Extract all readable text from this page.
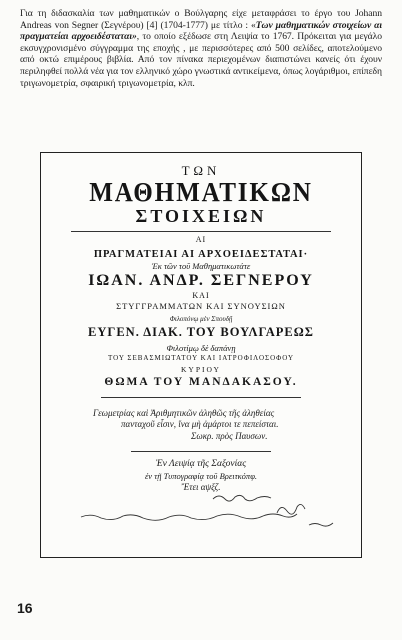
Για τη διδασκαλία των μαθηματικών ο Βούλγαρης είχε μεταφράσει το έργο του Johann Andreas von Segner (Σεγνέρου) [4] (1704-1777) με τίτλο : «Των μαθηματικών στοιχείων αι πραγματείαι αρχοειδέσταται», το οποίο εξέδωσε στη Λειψία το 1767. Πρόκειται για μεγάλο εκσυγχρονισμένο σύγγραμμα της εποχής , με περισσότερες από 500 σελίδες, αποτελούμενο από οκτώ επιμέρους βιβλία. Από τον πίνακα περιεχομένων διαπιστώνει κανείς ότι έχουν περιληφθεί πολλά νέα για τον ελληνικό χώρο γνωστικά αντικείμενα, όπως λογάριθμοι, επίπεδη τριγωνομετρία, σφαιρική τριγωνομετρία, κλπ.
ΤΩΝ
ΜΑΘΗΜΑΤΙΚΩΝ
ΣΤΟΙΧΕΙΩΝ
ΑΙ
ΠΡΑΓΜΑΤΕΙΑΙ ΑΙ ΑΡΧΟΕΙΔΕΣΤΑΤΑΙ·
Ἐκ τῶν τοῦ Μαθηματικωτάτε
ΙΩΑΝ. ΑΝΔΡ. ΣΕΓΝΕΡΟΥ
ΚΑΙ
ΣΤΥΓΓΡΑΜΜΑΤΩΝ ΚΑΙ ΣΥΝΟΥΣΙΩΝ
Φιλοπόνῳ μὲν Σπουδῇ
ΕΥΓΕΝ. ΔΙΑΚ. ΤΟΥ ΒΟΥΛΓΑΡΕΩΣ
Φιλοτίμῳ δὲ δαπάνῃ
ΤΟΥ ΣΕΒΑΣΜΙΩΤΑΤΟΥ ΚΑΙ ΙΑΤΡΟΦΙΛΟΣΟΦΟΥ
ΚΥΡΙΟΥ
ΘΩΜΑ ΤΟΥ ΜΑΝΔΑΚΑΣΟΥ.
Γεωμετρίας καὶ Ἀριθμητικῶν ἀληθῶς τῆς ἀληθείας
πανταχοῦ εἶσιν, ἵνα μὴ ἀμάρτοι τε πεπείσται.
Σωκρ. πρὸς Παυσων.
Ἐν Λειψίᾳ τῆς Σαξονίας
ἐν τῇ Τυπογραφίᾳ τοῦ Βρειτκόπφ.
Ἔτει αψξζ.
16
